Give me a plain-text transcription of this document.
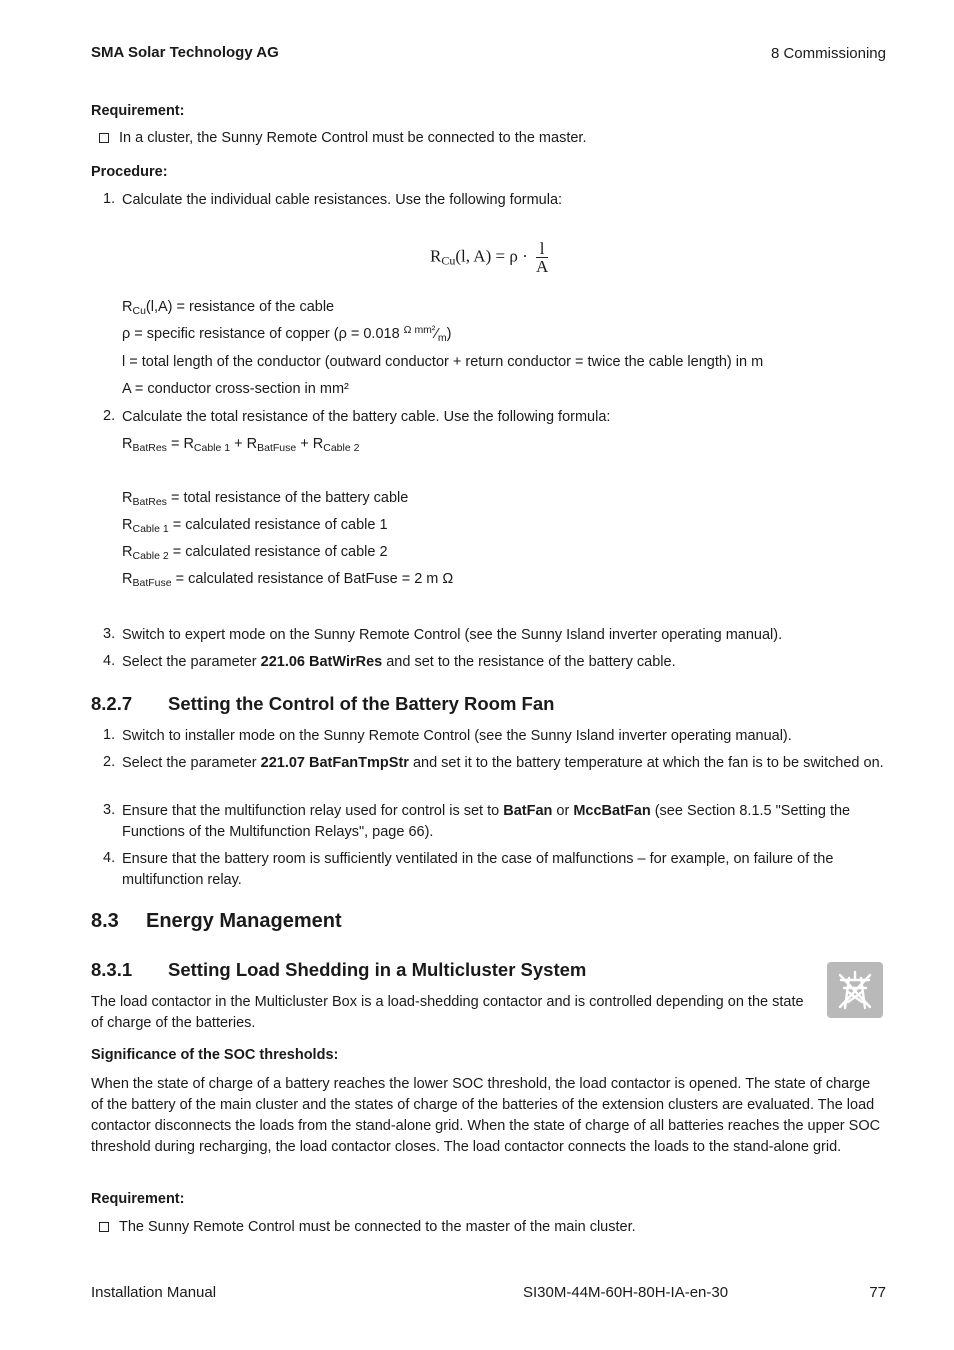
SMA Solar Technology AG	8 Commissioning
Requirement:
In a cluster, the Sunny Remote Control must be connected to the master.
Procedure:
1. Calculate the individual cable resistances. Use the following formula:
$R_{Cu}(l$, $A) = \rho \cdot \frac{l}{A}$
$R_{Cu}(l,A)$ = resistance of the cable
ρ = specific resistance of copper (ρ = 0.018 $^{\Omega mm^2}⁄_m$)
l = total length of the conductor (outward conductor + return conductor = twice the cable length) in m
A = conductor cross-section in mm²
2. Calculate the total resistance of the battery cable. Use the following formula:
$R_{BatRes} = R_{Cable 1} + R_{BatFuse} + R_{Cable 2}$
$R_{BatRes}$ = total resistance of the battery cable
$R_{Cable 1}$ = calculated resistance of cable 1
$R_{Cable 2}$ = calculated resistance of cable 2
$R_{BatFuse}$ = calculated resistance of BatFuse = 2 m Ω
3. Switch to expert mode on the Sunny Remote Control (see the Sunny Island inverter operating manual).
4. Select the parameter 221.06 BatWirRes and set to the resistance of the battery cable.
8.2.7 Setting the Control of the Battery Room Fan
1. Switch to installer mode on the Sunny Remote Control (see the Sunny Island inverter operating manual).
2. Select the parameter 221.07 BatFanTmpStr and set it to the battery temperature at which the fan is to be switched on.
3. Ensure that the multifunction relay used for control is set to BatFan or MccBatFan (see Section 8.1.5 "Setting the Functions of the Multifunction Relays", page 66).
4. Ensure that the battery room is sufficiently ventilated in the case of malfunctions – for example, on failure of the multifunction relay.
8.3 Energy Management
8.3.1 Setting Load Shedding in a Multicluster System
The load contactor in the Multicluster Box is a load-shedding contactor and is controlled depending on the state of charge of the batteries.
Significance of the SOC thresholds:
When the state of charge of a battery reaches the lower SOC threshold, the load contactor is opened. The state of charge of the battery of the main cluster and the states of charge of the batteries of the extension clusters are evaluated. The load contactor disconnects the loads from the stand-alone grid. When the state of charge of all batteries reaches the upper SOC threshold during recharging, the load contactor closes. The load contactor connects the loads to the stand-alone grid.
Requirement:
The Sunny Remote Control must be connected to the master of the main cluster.
Installation Manual	SI30M-44M-60H-80H-IA-en-30	77
